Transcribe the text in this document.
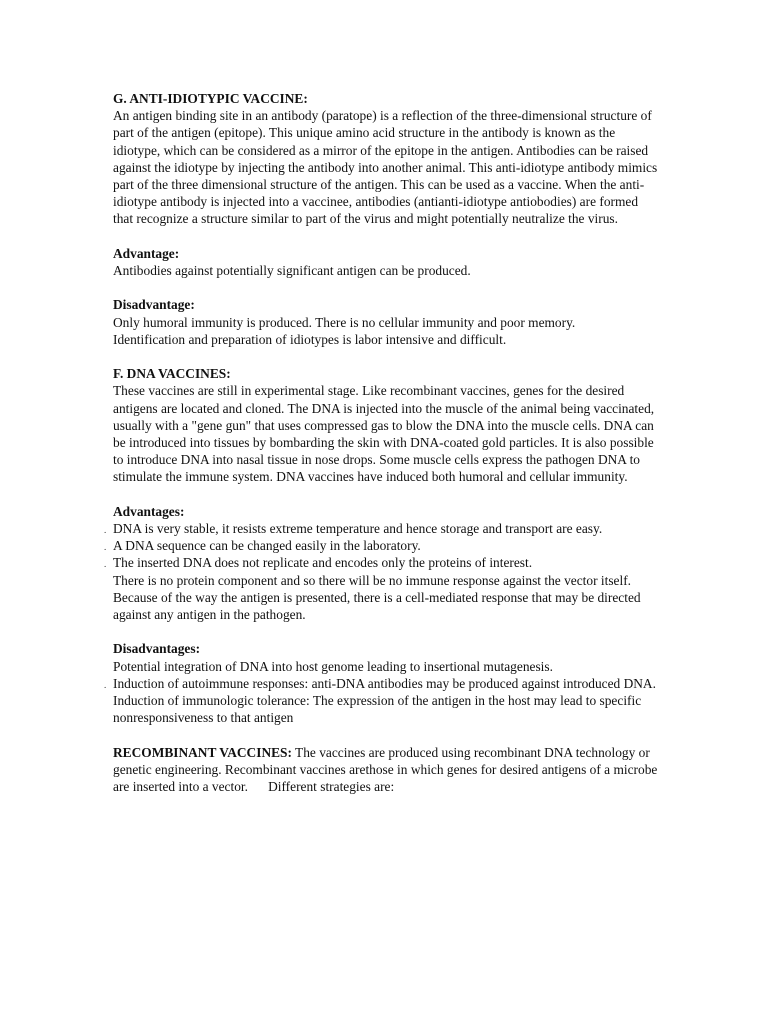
G. ANTI-IDIOTYPIC VACCINE:

An antigen binding site in an antibody (paratope) is a reflection of the three-dimensional structure of part of the antigen (epitope). This unique amino acid structure in the antibody is known as the idiotype, which can be considered as a mirror of the epitope in the antigen. Antibodies can be raised against the idiotype by injecting the antibody into another animal. This anti-idiotype antibody mimics part of the three dimensional structure of the antigen. This can be used as a vaccine. When the anti-idiotype antibody is injected into a vaccinee, antibodies (antianti-idiotype antiobodies) are formed that recognize a structure similar to part of the virus and might potentially neutralize the virus.

Advantage:

Antibodies against potentially significant antigen can be produced.

Disadvantage:

Only humoral immunity is produced. There is no cellular immunity and poor memory.

Identification and preparation of idiotypes is labor intensive and difficult.

F. DNA VACCINES:

These vaccines are still in experimental stage. Like recombinant vaccines, genes for the desired antigens are located and cloned. The DNA is injected into the muscle of the animal being vaccinated, usually with a "gene gun" that uses compressed gas to blow the DNA into the muscle cells. DNA can be introduced into tissues by bombarding the skin with DNA-coated gold particles. It is also possible to introduce DNA into nasal tissue in nose drops. Some muscle cells express the pathogen DNA to stimulate the immune system. DNA vaccines have induced both humoral and cellular immunity.

Advantages:

. DNA is very stable, it resists extreme temperature and hence storage and transport are easy.
. A DNA sequence can be changed easily in the laboratory.
. The inserted DNA does not replicate and encodes only the proteins of interest.
There is no protein component and so there will be no immune response against the vector itself.
Because of the way the antigen is presented, there is a cell-mediated response that may be directed against any antigen in the pathogen.

Disadvantages:

Potential integration of DNA into host genome leading to insertional mutagenesis.
. Induction of autoimmune responses: anti-DNA antibodies may be produced against introduced DNA.
Induction of immunologic tolerance: The expression of the antigen in the host may lead to specific nonresponsiveness to that antigen

RECOMBINANT VACCINES: The vaccines are produced using recombinant DNA technology or genetic engineering. Recombinant vaccines arethose in which genes for desired antigens of a microbe are inserted into a vector. Different strategies are:
